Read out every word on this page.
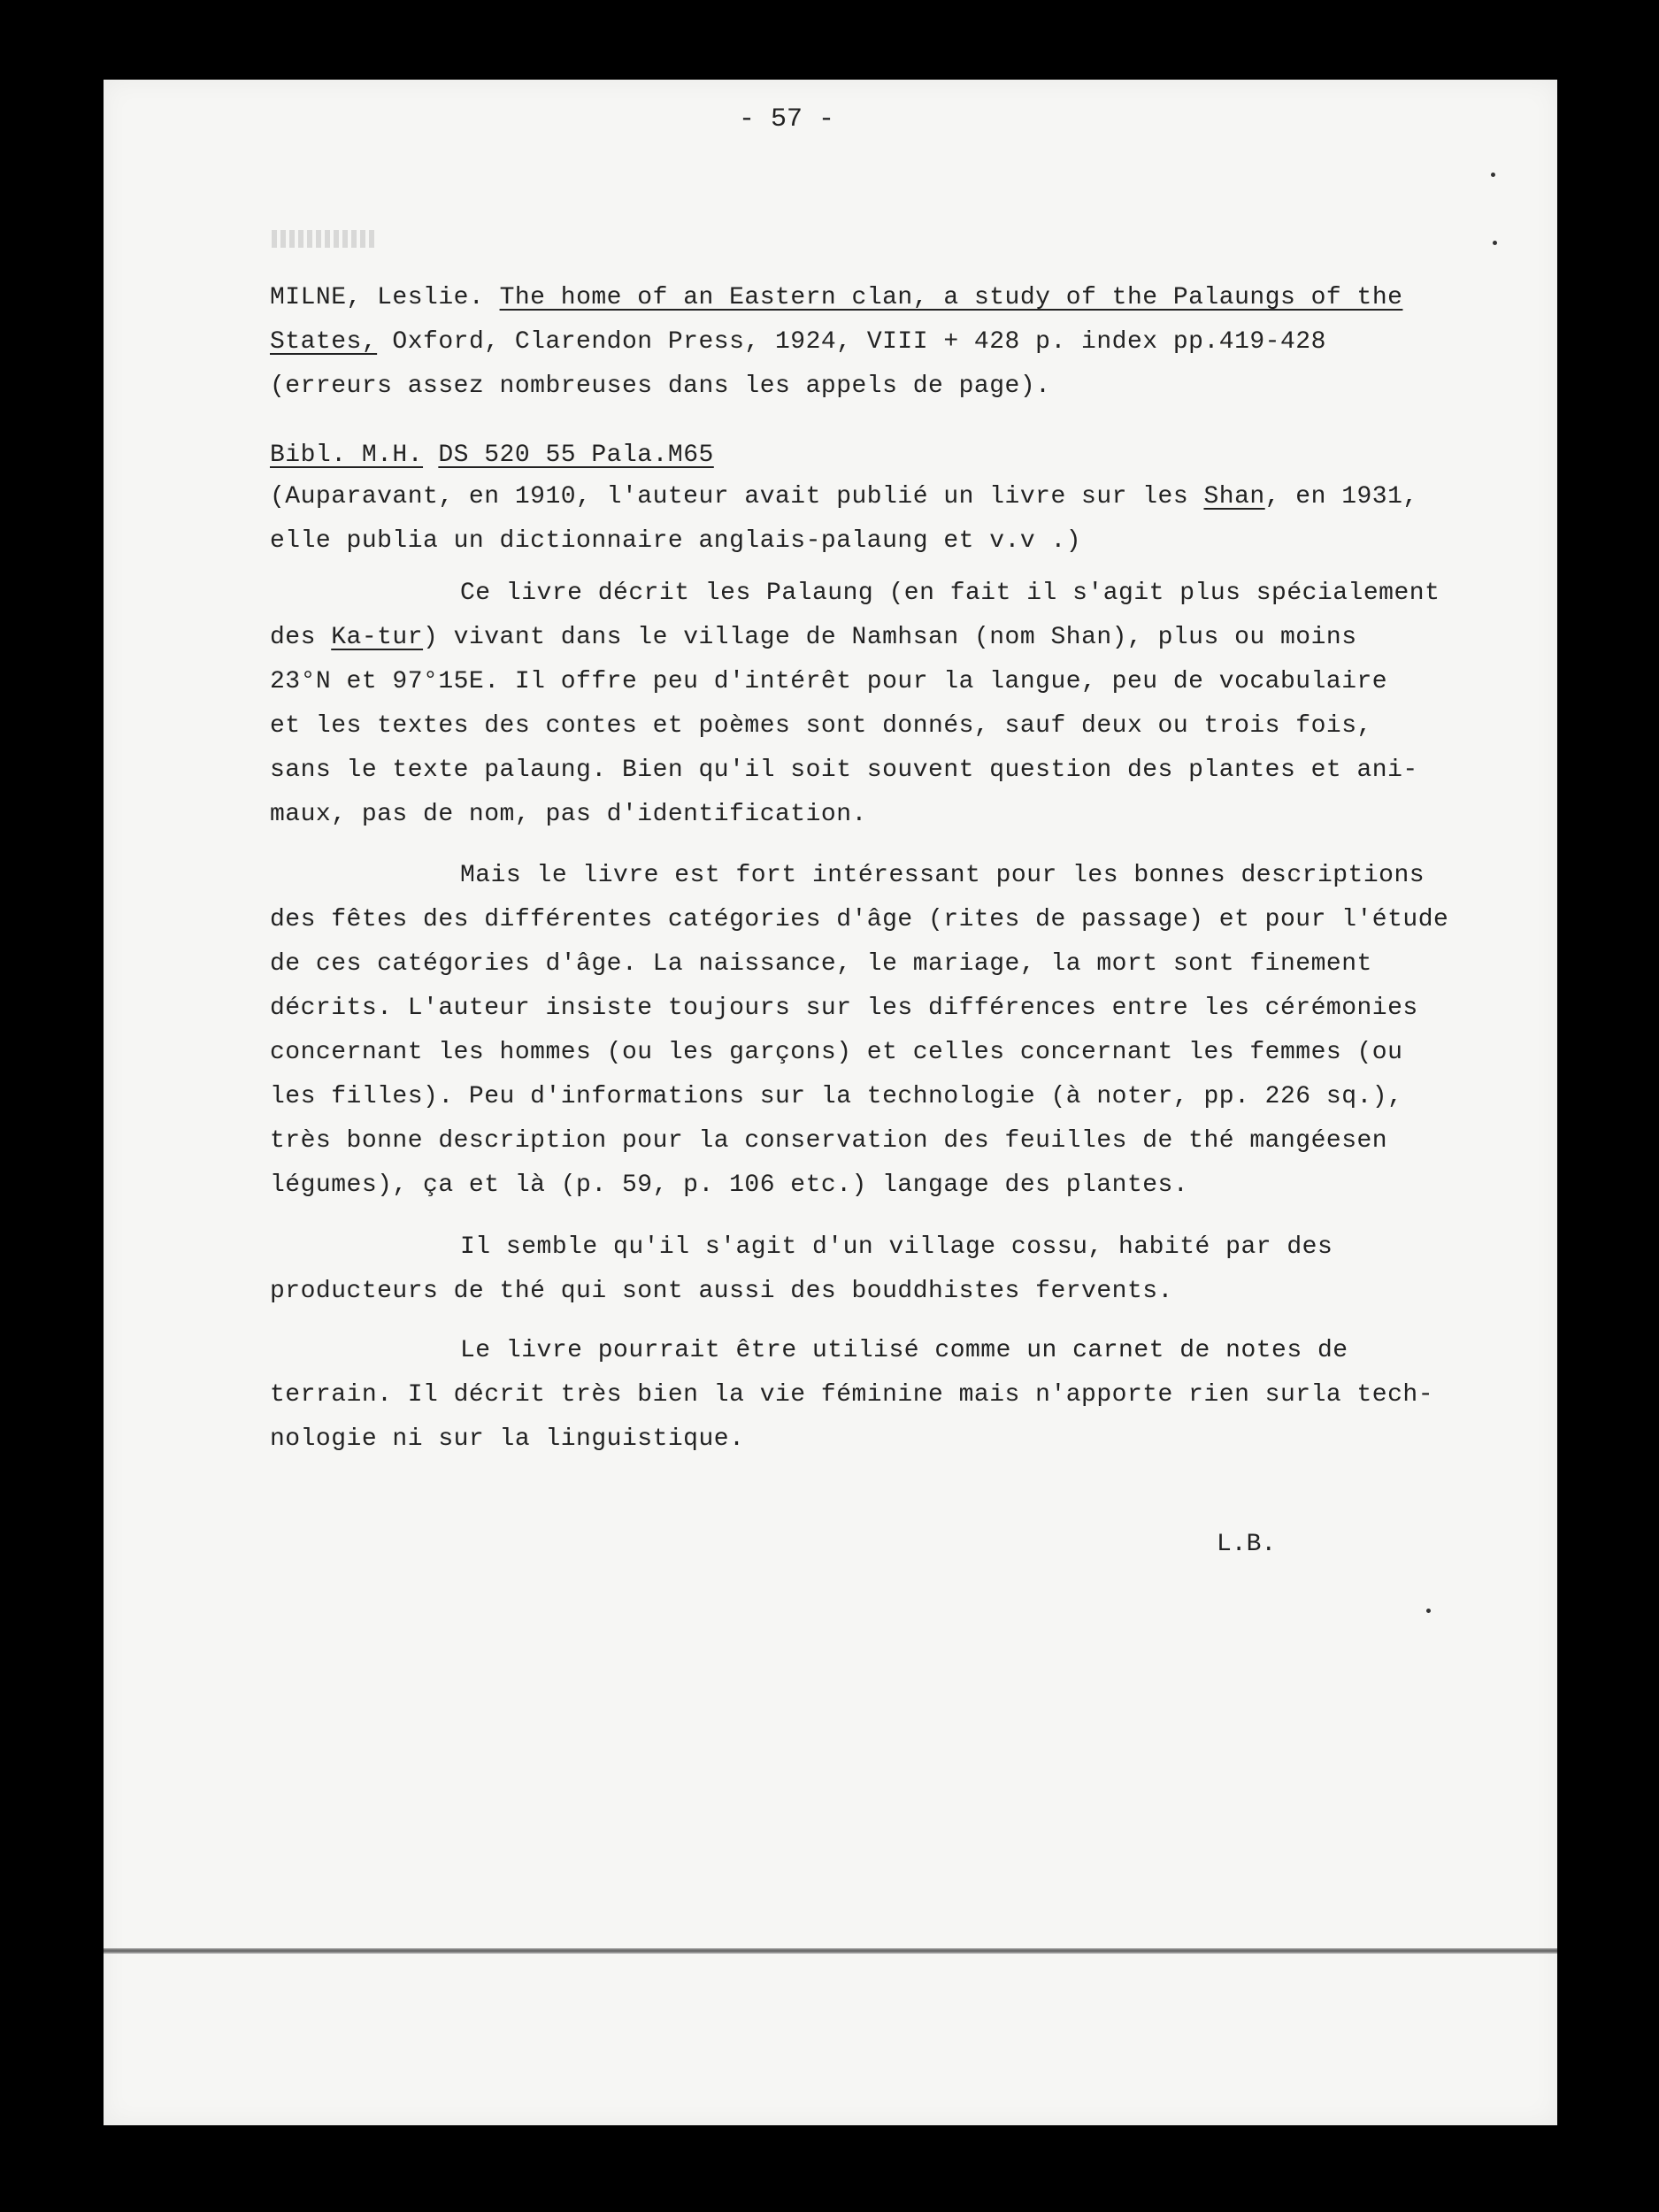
- 57 -
MILNE, Leslie. The home of an Eastern clan, a study of the Palaungs of the
States, Oxford, Clarendon Press, 1924, VIII + 428 p. index pp.419-428
(erreurs assez nombreuses dans les appels de page).
Bibl. M.H. DS 520 55 Pala.M65
(Auparavant, en 1910, l'auteur avait publié un livre sur les Shan, en 1931,
elle publia un dictionnaire anglais-palaung et v.v .)
Ce livre décrit les Palaung (en fait il s'agit plus spécialement
des Ka-tur) vivant dans le village de Namhsan (nom Shan), plus ou moins
23°N et 97°15E. Il offre peu d'intérêt pour la langue, peu de vocabulaire
et les textes des contes et poèmes sont donnés, sauf deux ou trois fois,
sans le texte palaung. Bien qu'il soit souvent question des plantes et ani-
maux, pas de nom, pas d'identification.
Mais le livre est fort intéressant pour les bonnes descriptions
des fêtes des différentes catégories d'âge (rites de passage) et pour l'étude
de ces catégories d'âge. La naissance, le mariage, la mort sont finement
décrits. L'auteur insiste toujours sur les différences entre les cérémonies
concernant les hommes (ou les garçons) et celles concernant les femmes (ou
les filles). Peu d'informations sur la technologie (à noter, pp. 226 sq.),
très bonne description pour la conservation des feuilles de thé mangéesen
légumes), ça et là (p. 59, p. 106 etc.) langage des plantes.
Il semble qu'il s'agit d'un village cossu, habité par des
producteurs de thé qui sont aussi des bouddhistes fervents.
Le livre pourrait être utilisé comme un carnet de notes de
terrain. Il décrit très bien la vie féminine mais n'apporte rien surla tech-
nologie ni sur la linguistique.
L.B.
